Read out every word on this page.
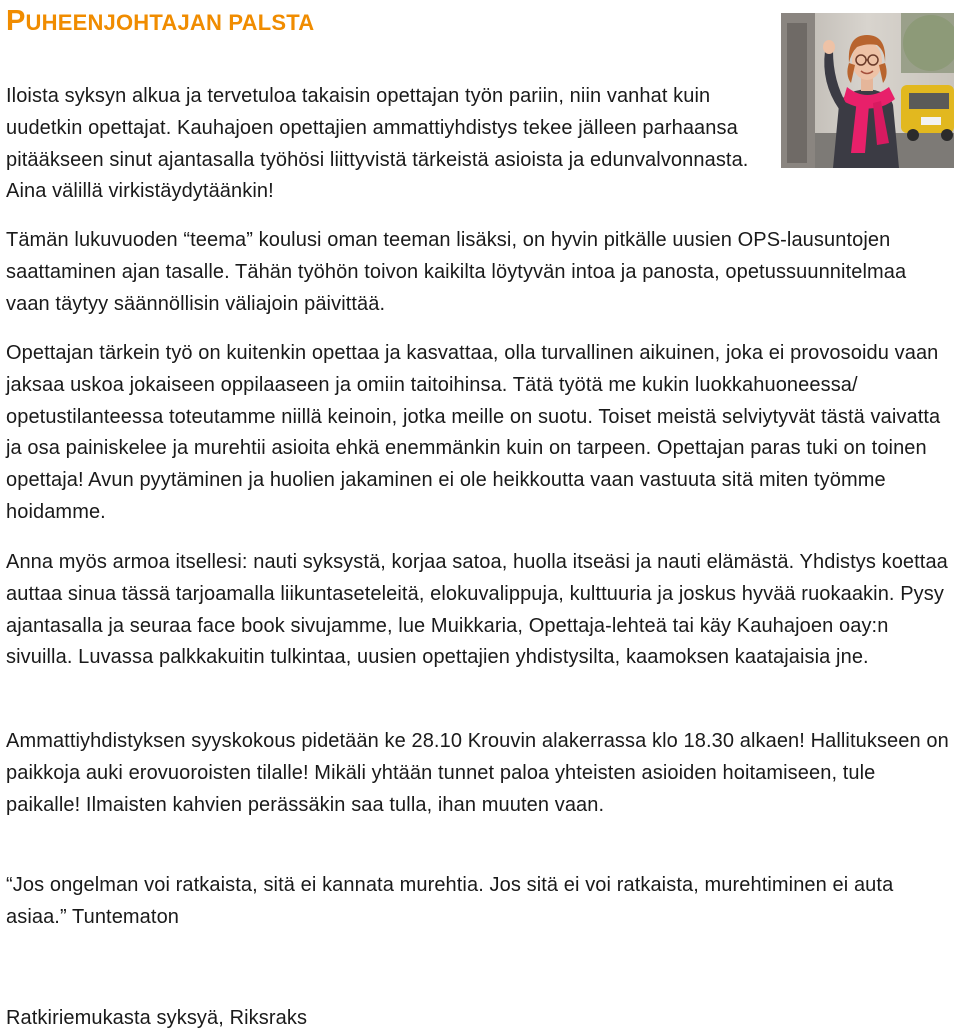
PUHEENJOHTAJAN PALSTA

Iloista syksyn alkua ja tervetuloa takaisin opettajan työn pariin, niin vanhat kuin uudetkin opettajat. Kauhajoen opettajien ammattiyhdistys tekee jälleen parhaansa pitääkseen sinut ajantasalla työhösi liittyvistä tärkeistä asioista ja edunvalvonnasta. Aina välillä virkistäydytäänkin!

Tämän lukuvuoden “teema” koulusi oman teeman lisäksi, on hyvin pitkälle uusien OPS-lausuntojen saattaminen ajan tasalle. Tähän työhön toivon kaikilta löytyvän intoa ja panosta, opetussuunnitelmaa vaan täytyy säännöllisin väliajoin päivittää.

Opettajan tärkein työ on kuitenkin opettaa ja kasvattaa, olla turvallinen aikuinen, joka ei provosoidu vaan jaksaa uskoa jokaiseen oppilaaseen ja omiin taitoihinsa. Tätä työtä me kukin luokkahuoneessa/ opetustilanteessa toteutamme niillä keinoin, jotka meille on suotu. Toiset meistä selviytyvät tästä vaivatta ja osa painiskelee ja murehtii asioita ehkä enemmänkin kuin on tarpeen. Opettajan paras tuki on toinen opettaja! Avun pyytäminen ja huolien jakaminen ei ole heikkoutta vaan vastuuta sitä miten työmme hoidamme.

Anna myös armoa itsellesi: nauti syksystä, korjaa satoa, huolla itseäsi ja nauti elämästä. Yhdistys koettaa auttaa sinua tässä tarjoamalla liikuntaseteleitä, elokuvalippuja, kulttuuria ja joskus hyvää ruokaakin. Pysy ajantasalla ja seuraa face book sivujamme, lue Muikkaria, Opettaja-lehteä tai käy Kauhajoen oay:n sivuilla. Luvassa palkkakuitin tulkintaa, uusien opettajien yhdistysilta, kaamoksen kaatajaisia jne.

Ammattiyhdistyksen syyskokous pidetään ke 28.10 Krouvin alakerrassa klo 18.30 alkaen! Hallitukseen on paikkoja auki erovuoroisten tilalle! Mikäli yhtään tunnet paloa yhteisten asioiden hoitamiseen, tule paikalle! Ilmaisten kahvien perässäkin saa tulla, ihan muuten vaan.

“Jos ongelman voi ratkaista, sitä ei kannata murehtia. Jos sitä ei voi ratkaista, murehtiminen ei auta asiaa.” Tuntematon

Ratkiriemukasta syksyä, Riksraks
